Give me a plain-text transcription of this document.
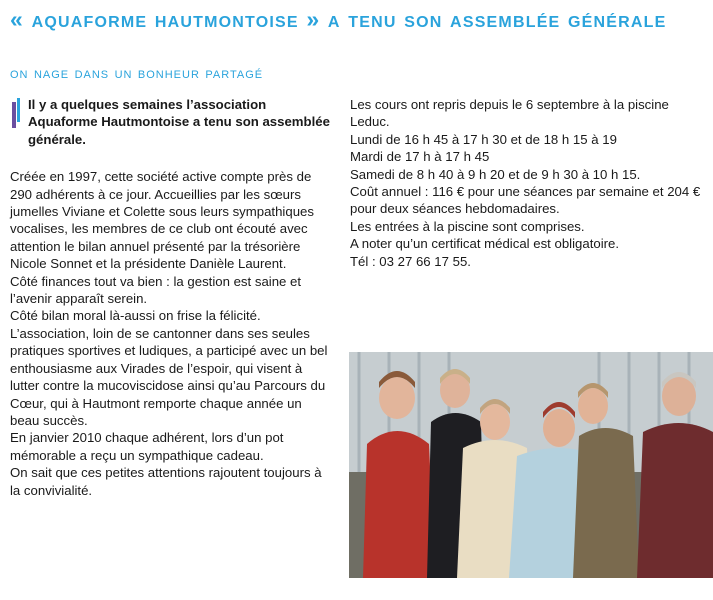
« aquaforme hautmontoise » a tenu son assemblée générale
on nage dans un bonheur partagé
Il y a quelques semaines l’association Aquaforme Hautmontoise a tenu son assemblée générale.

Créée en 1997, cette société active compte près de 290 adhérents à ce jour. Accueillies par les sœurs jumelles Viviane et Colette sous leurs sympathiques vocalises, les membres de ce club ont écouté avec attention le bilan annuel présenté par la trésorière Nicole Sonnet et la présidente Danièle Laurent.

Côté finances tout va bien : la gestion est saine et l’avenir apparaît serein.

Côté bilan moral là-aussi on frise la félicité.

L’association, loin de se cantonner dans ses seules pratiques sportives et ludiques, a participé avec un bel enthousiasme aux Virades de l’espoir, qui visent à lutter contre la mucoviscidose ainsi qu’au Parcours du Cœur, qui à Hautmont remporte chaque année un beau succès.

En janvier 2010 chaque adhérent, lors d’un pot mémorable a reçu un sympathique cadeau.

On sait que ces petites attentions rajoutent toujours à la convivialité.

Les cours ont repris depuis le 6 septembre à la piscine Leduc.

Lundi de 16 h 45 à 17 h 30 et de 18 h 15 à 19

Mardi de 17 h à 17 h 45

Samedi de 8 h 40 à 9 h 20 et de 9 h 30 à 10 h 15.

Coût annuel : 116 € pour une séances par semaine et 204 € pour deux séances hebdomadaires.

Les entrées à la piscine sont comprises.

A noter qu’un certificat médical est obligatoire.

Tél : 03 27 66 17 55.
